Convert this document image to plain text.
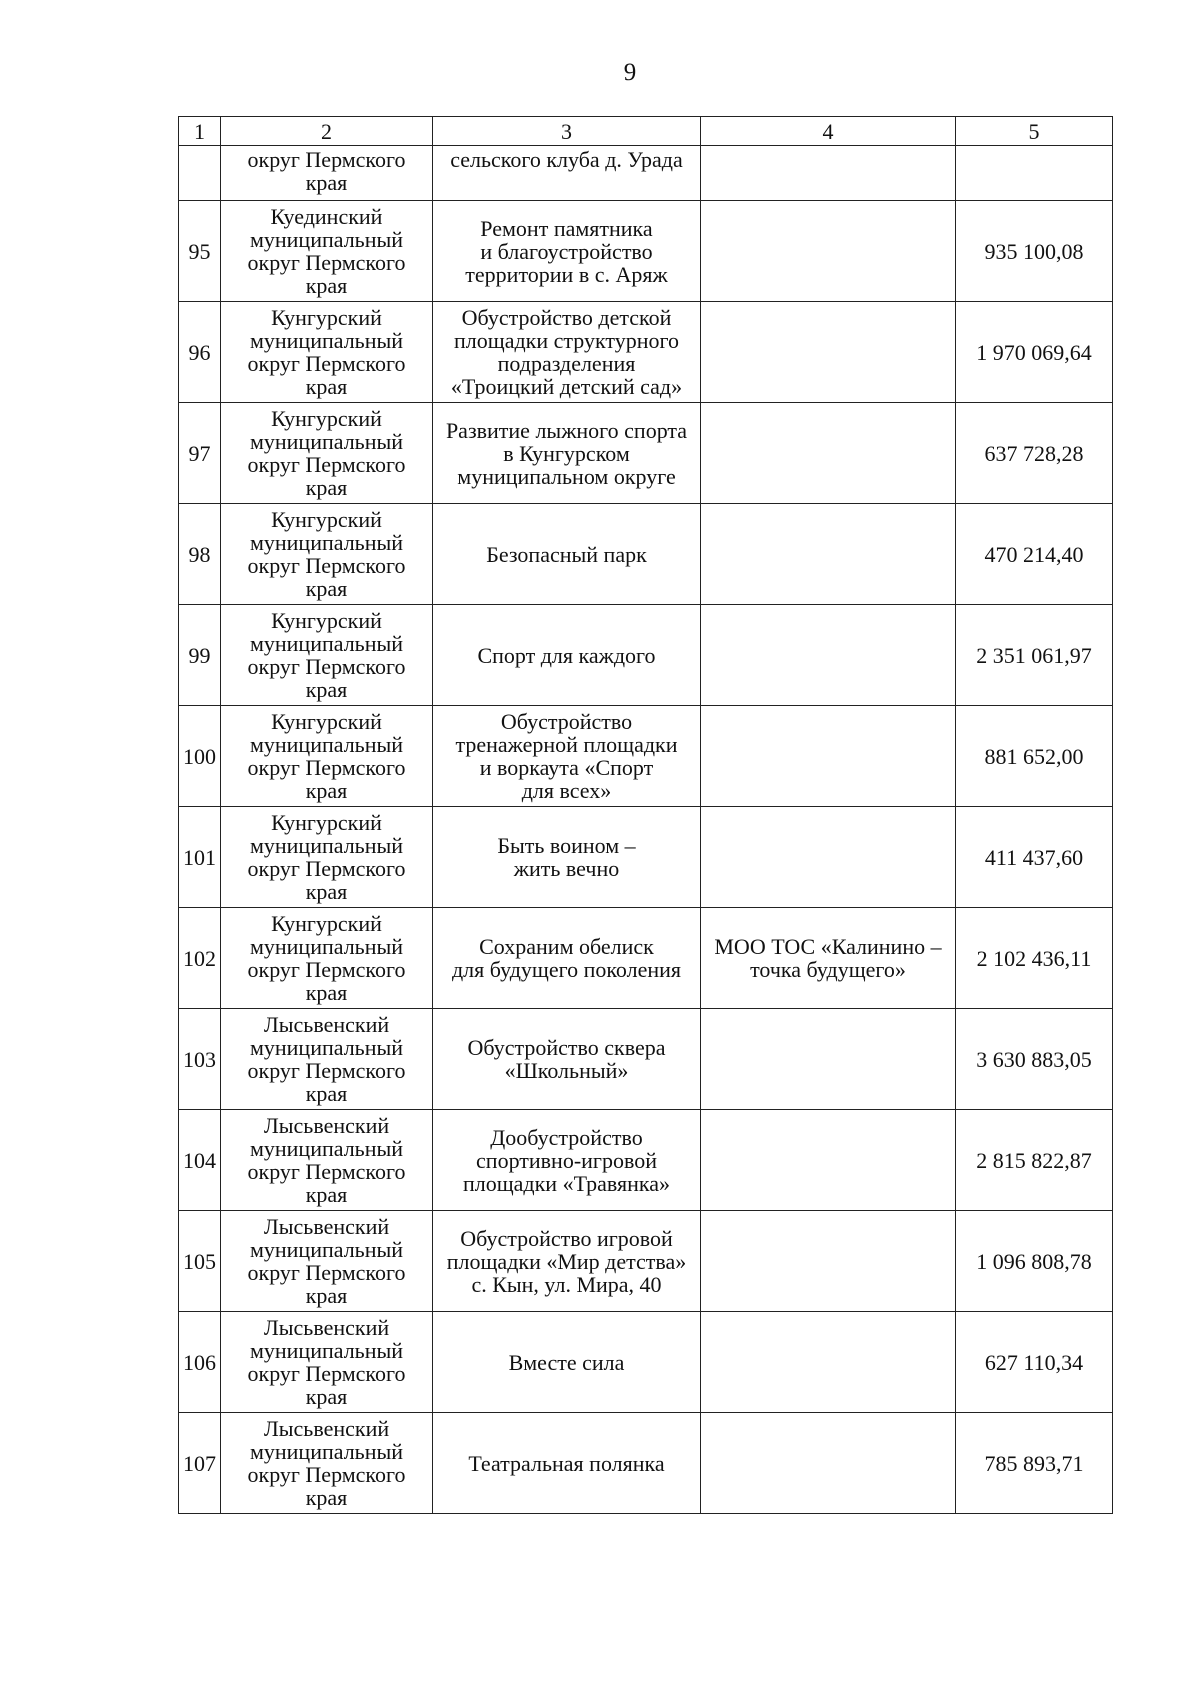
9
1	2	3	4	5
	округ Пермского
края	сельского клуба д. Урада		
95	Куединский
муниципальный
округ Пермского
края	Ремонт памятника
и благоустройство
территории в с. Аряж		935 100,08
96	Кунгурский
муниципальный
округ Пермского
края	Обустройство детской
площадки структурного
подразделения
«Троицкий детский сад»		1 970 069,64
97	Кунгурский
муниципальный
округ Пермского
края	Развитие лыжного спорта
в Кунгурском
муниципальном округе		637 728,28
98	Кунгурский
муниципальный
округ Пермского
края	Безопасный парк		470 214,40
99	Кунгурский
муниципальный
округ Пермского
края	Спорт для каждого		2 351 061,97
100	Кунгурский
муниципальный
округ Пермского
края	Обустройство
тренажерной площадки
и воркаута «Спорт
для всех»		881 652,00
101	Кунгурский
муниципальный
округ Пермского
края	Быть воином –
жить вечно		411 437,60
102	Кунгурский
муниципальный
округ Пермского
края	Сохраним обелиск
для будущего поколения	МОО ТОС «Калинино –
точка будущего»	2 102 436,11
103	Лысьвенский
муниципальный
округ Пермского
края	Обустройство сквера
«Школьный»		3 630 883,05
104	Лысьвенский
муниципальный
округ Пермского
края	Дообустройство
спортивно-игровой
площадки «Травянка»		2 815 822,87
105	Лысьвенский
муниципальный
округ Пермского
края	Обустройство игровой
площадки «Мир детства»
с. Кын, ул. Мира, 40		1 096 808,78
106	Лысьвенский
муниципальный
округ Пермского
края	Вместе сила		627 110,34
107	Лысьвенский
муниципальный
округ Пермского
края	Театральная полянка		785 893,71
